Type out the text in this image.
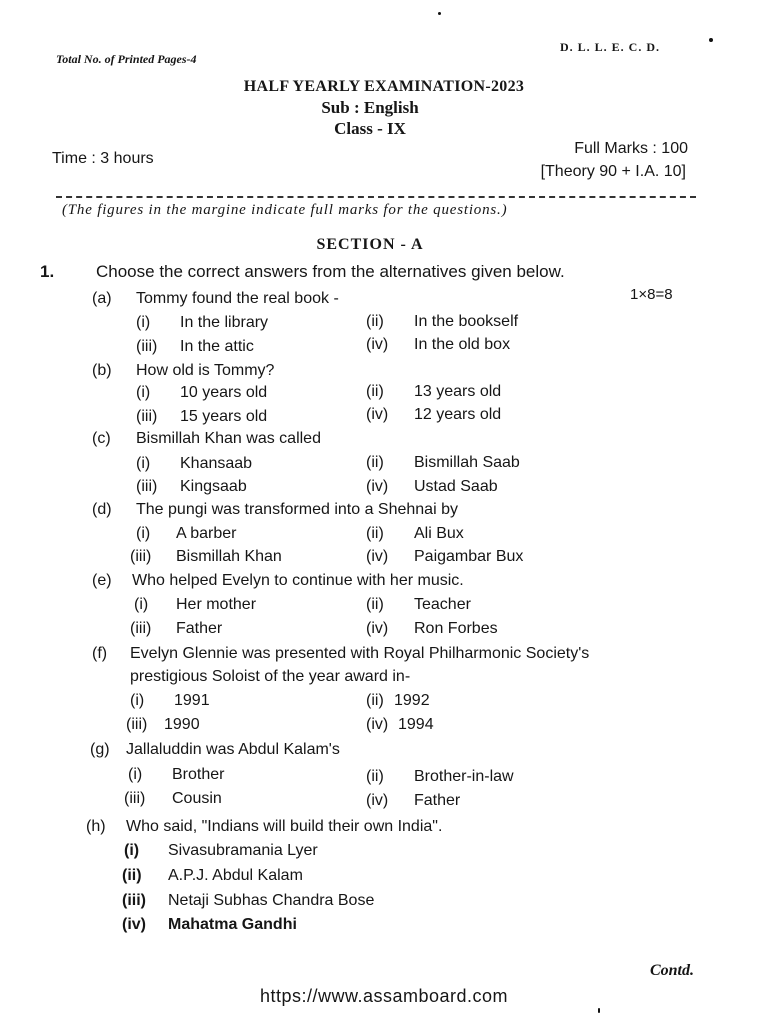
Total No. of Printed Pages-4
D. L. L. E. C. D.
HALF YEARLY EXAMINATION-2023
Sub : English
Class - IX
Time : 3 hours
Full Marks : 100
[Theory 90 + I.A. 10]
(The figures in the margine indicate full marks for the questions.)
SECTION - A
1. Choose the correct answers from the alternatives given below.
1×8=8
(a) Tommy found the real book -
(i) In the library	(ii) In the bookself
(iii) In the attic	(iv) In the old box
(b) How old is Tommy?
(i) 10 years old	(ii) 13 years old
(iii) 15 years old	(iv) 12 years old
(c) Bismillah Khan was called
(i) Khansaab	(ii) Bismillah Saab
(iii) Kingsaab	(iv) Ustad Saab
(d) The pungi was transformed into a Shehnai by
(i) A barber	(ii) Ali Bux
(iii) Bismillah Khan	(iv) Paigambar Bux
(e) Who helped Evelyn to continue with her music.
(i) Her mother	(ii) Teacher
(iii) Father	(iv) Ron Forbes
(f) Evelyn Glennie was presented with Royal Philharmonic Society's
prestigious Soloist of the year award in-
(i) 1991	(ii) 1992
(iii) 1990	(iv) 1994
(g) Jallaluddin was Abdul Kalam's
(i) Brother	(ii) Brother-in-law
(iii) Cousin	(iv) Father
(h) Who said, "Indians will build their own India".
(i) Sivasubramania Lyer
(ii) A.P.J. Abdul Kalam
(iii) Netaji Subhas Chandra Bose
(iv) Mahatma Gandhi
Contd.
https://www.assamboard.com
